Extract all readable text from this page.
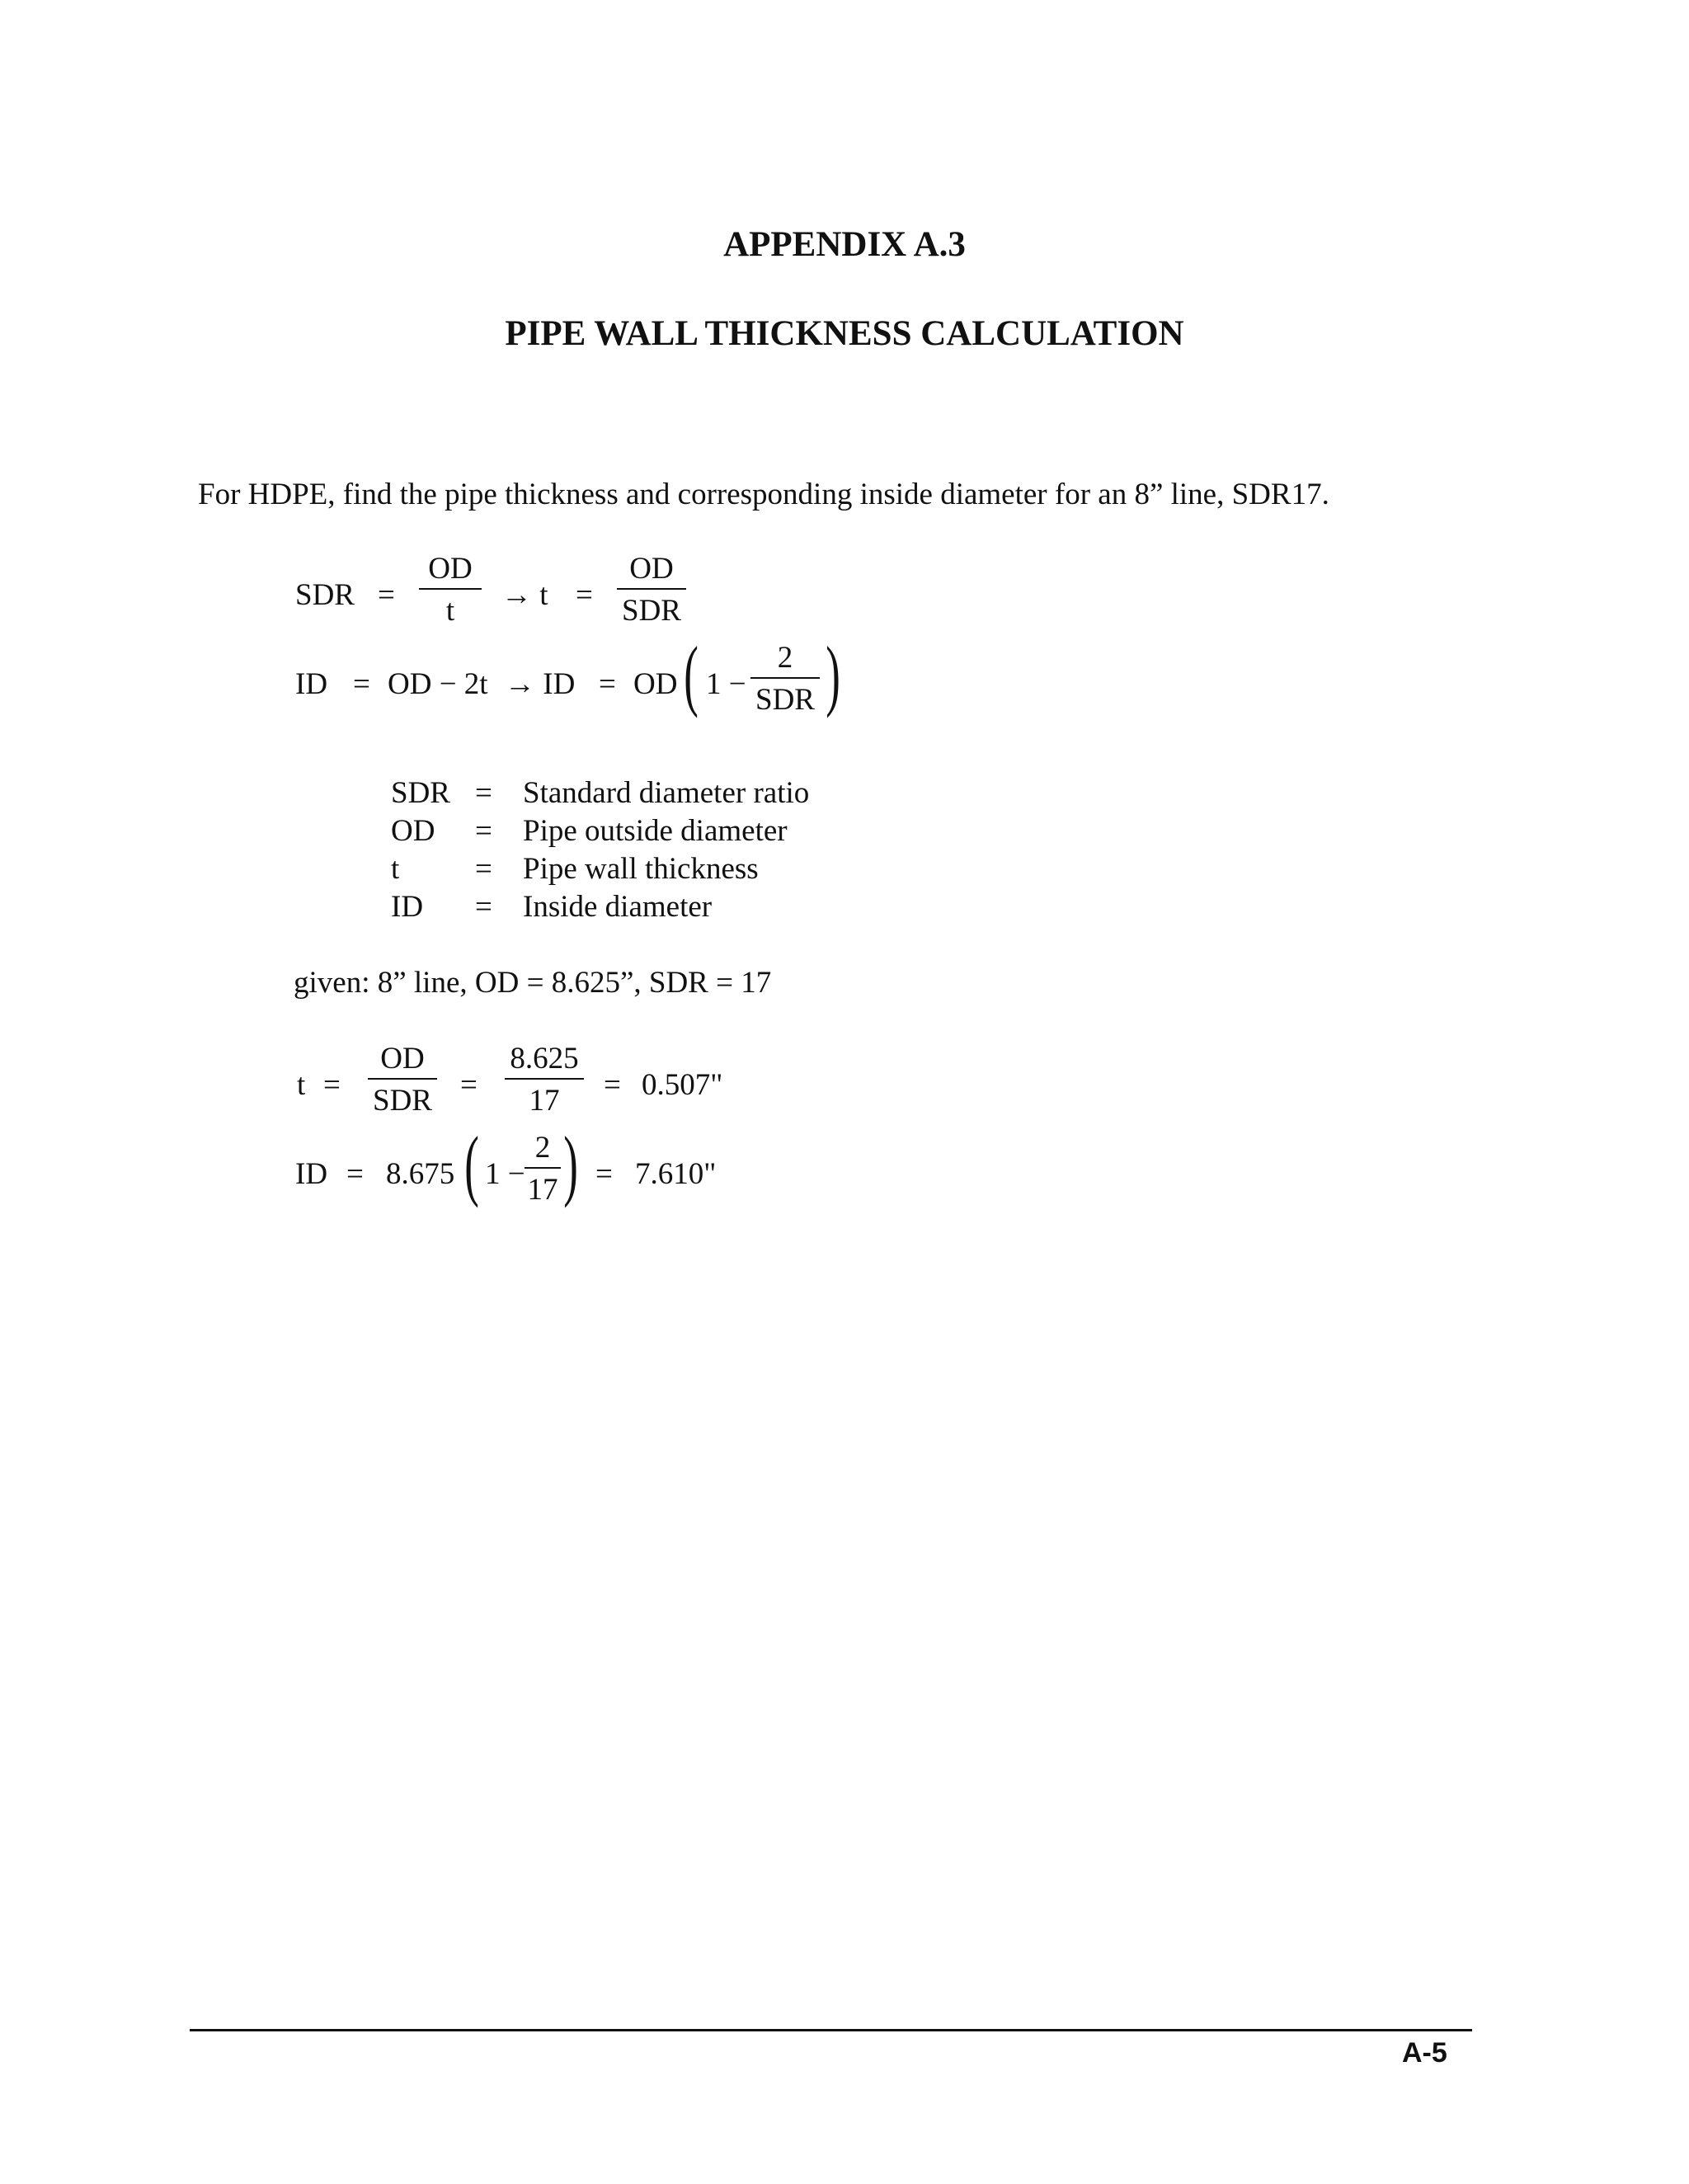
APPENDIX A.3
PIPE WALL THICKNESS CALCULATION
For HDPE, find the pipe thickness and corresponding inside diameter for an 8” line, SDR17.
SDR =
OD
t	→ t =
OD
SDR
ID = OD − 2t → ID = OD ( 1 −
2
SDR )
SDR = Standard diameter ratio
OD = Pipe outside diameter
t = Pipe wall thickness
ID = Inside diameter
given: 8” line, OD = 8.625”, SDR = 17
t =
OD
SDR =
8.625
17	= 0.507"
ID = 8.675 ( 1 −
2
17 ) = 7.610"
A-5
